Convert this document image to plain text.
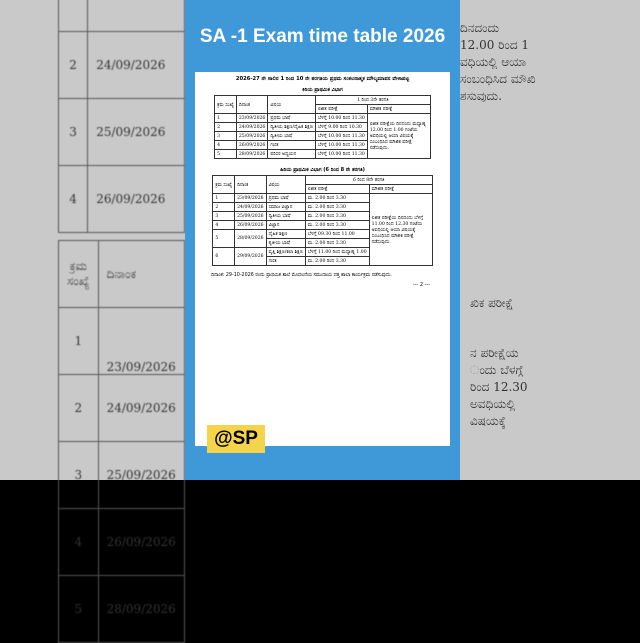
2	24/09/2026
3	25/09/2026
4	26/09/2026
ಕ್ರಮ ಸಂಖ್ಯೆ	ದಿನಾಂಕ
1	23/09/2026
2	24/09/2026
3	25/09/2026
4	26/09/2026
5	28/09/2026
ದಿನದಂದು
12.00 ರಿಂದ 1
ವಧಿಯಲ್ಲಿ ಆಯಾ
ಸಂಬಂಧಿಸಿದ ಮೌಖಿ
ಶಸುವುದು.
ಖಿಕ ಪರೀಕ್ಷೆ
ನ ಪರೀಕ್ಷೆಯ
ಂದು ಬೆಳಗ್ಗೆ
ರಿಂದ 12.30
ಅವಧಿಯಲ್ಲಿ
ವಿಷಯಕ್ಕೆ
SA -1 Exam time table 2026
2026-27 ನೇ ಸಾಲಿನ 1 ರಿಂದ 10 ನೇ ತರಗತಿಯ ಪ್ರಥಮ ಸಂಕಲನಾತ್ಮಕ ಮೌಲ್ಯಮಾಪನ ವೇಳಾಪಟ್ಟಿ
ಕಿರಿಯ ಪ್ರಾಥಮಿಕ ವಿಭಾಗ
ಕ್ರಮ ಸಂಖ್ಯೆ	ದಿನಾಂಕ	ವಿಷಯ	1 ರಿಂದ 3ನೇ ತರಗತಿ	
			ಲಿಖಿತ ಪರೀಕ್ಷೆ	ಮೌಖಿಕ ಪರೀಕ್ಷೆ
1	23/09/2026	ಪ್ರಥಮ ಭಾಷೆ	ಬೆಳಗ್ಗೆ 10.00 ರಿಂದ 11.30	ಲಿಖಿತ ಪರೀಕ್ಷೆಯ ದಿನದಂದು ಮಧ್ಯಾಹ್ನ 12.00 ರಿಂದ 1.00 ಗಂಟೆಯ ಅವಧಿಯಲ್ಲಿ ಆಯಾ ವಿಷಯಕ್ಕೆ ಸಂಬಂಧಿಸಿದ ಮೌಖಿಕ ಪರೀಕ್ಷೆ ನಡೆಸುವುದು.
2	24/09/2026	ದ್ವಿತೀಯ ಶಿಕ್ಷಣ/ದೈಹಿಕ ಶಿಕ್ಷಣ	ಬೆಳಗ್ಗೆ 9.00 ರಿಂದ 10.30	
3	25/09/2026	ದ್ವಿತೀಯ ಭಾಷೆ	ಬೆಳಗ್ಗೆ 10.00 ರಿಂದ 11.30	
4	26/09/2026	ಗಣಿತ	ಬೆಳಗ್ಗೆ 10.00 ರಿಂದ 11.30	
5	28/09/2026	ಪರಿಸರ ಅಧ್ಯಯನ	ಬೆಳಗ್ಗೆ 10.00 ರಿಂದ 11.30	
ಹಿರಿಯ ಪ್ರಾಥಮಿಕ ವಿಭಾಗ (6 ರಿಂದ 8 ನೇ ತರಗತಿ)
ಕ್ರಮ ಸಂಖ್ಯೆ	ದಿನಾಂಕ	ವಿಷಯ	6 ರಿಂದ 8ನೇ ತರಗತಿ	
			ಲಿಖಿತ ಪರೀಕ್ಷೆ	ಮೌಖಿಕ ಪರೀಕ್ಷೆ
1	23/09/2026	ಪ್ರಥಮ ಭಾಷೆ	ಮ. 2.00 ರಿಂದ 3.30	ಲಿಖಿತ ಪರೀಕ್ಷೆಯ ದಿನದಂದು ಬೆಳಗ್ಗೆ 11.00 ರಿಂದ 12.30 ಗಂಟೆಯ ಅವಧಿಯಲ್ಲಿ ಆಯಾ ವಿಷಯಕ್ಕೆ ಸಂಬಂಧಿಸಿದ ಮೌಖಿಕ ಪರೀಕ್ಷೆ ನಡೆಸುವುದು.
2	24/09/2026	ಸಮಾಜ ವಿಜ್ಞಾನ	ಮ. 2.00 ರಿಂದ 3.30	
3	25/09/2026	ದ್ವಿತೀಯ ಭಾಷೆ	ಮ. 2.00 ರಿಂದ 3.30	
4	26/09/2026	ವಿಜ್ಞಾನ	ಮ. 2.00 ರಿಂದ 3.30	
5	28/09/2026	ದೈಹಿಕ ಶಿಕ್ಷಣ	ಬೆಳಗ್ಗೆ 09.30 ರಿಂದ 11.00	
		ತೃತೀಯ ಭಾಷೆ	ಮ. 2.00 ರಿಂದ 3.30	
6	29/09/2026	ವೃತ್ತಿ ಶಿಕ್ಷಣ/ಕಲಾ ಶಿಕ್ಷಣ	ಬೆಳಗ್ಗೆ 11.00 ರಿಂದ ಮಧ್ಯಾಹ್ನ 1.00	
		ಗಣಿತ	ಮ. 2.00 ರಿಂದ 3.30	
ದಿನಾಂಕ: 29-10-2026 ರಂದು ಪ್ರಾಥಮಿಕ ಶಾಲೆ ಮೊದಲನೆಯ ಸಮುದಾಯ ದತ್ತ ಶಾಲಾ ಕಾರ್ಯಕ್ರಮ ನಡೆಸುವುದು.
--- 2 ---
@SP
